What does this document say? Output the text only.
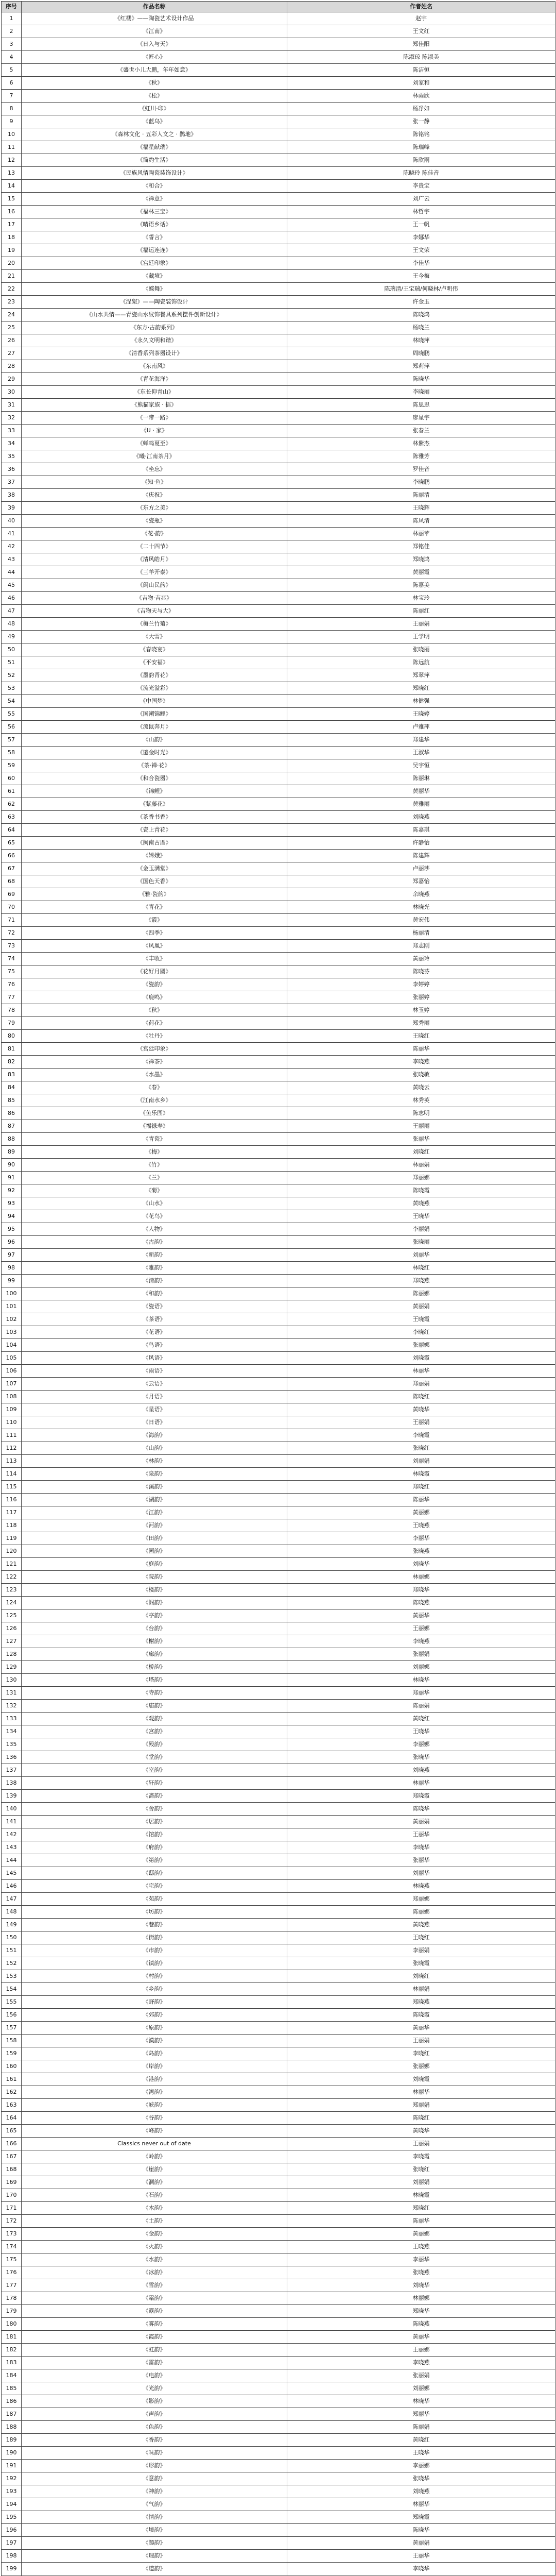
序号	作品名称	作者姓名
1	《红楼》——陶瓷艺术设计作品	赵宇
2	《江南》	王文红
3	《日入与天》	郑佳阳
4	《匠心》	陈淑琼 陈淑美
5	《盛世小儿大鹏，年年如意》	陈洁恒
6	《秋》	刘家和
7	《松》	林雨欣
8	《虹川·印》	杨净如
9	《蓝乌》	张一静
10	《森林文化 · 五彩人文之 · 鹊地》	陈铭铭
11	《福星献瑞》	陈瑞峰
12	《简约生活》	陈欣雨
13	《民族风情陶瓷装饰设计》	陈晓玲 陈佳音
14	《和合》	李贵宝
15	《禅意》	刘广云
16	《福林三宝》	林哲宇
17	《晴语乡话》	王一帆
18	《誓言》	李娜华
19	《福运连连》	王文荣
20	《宫廷印象》	李佳华
21	《藏境》	王今梅
22	《蝶舞》	陈瑞清/王宝瑞/何晓林/卢明伟
23	《涅槃》——陶瓷装饰设计	许金玉
24	《山水共情——青瓷山水纹饰餐具系列摆件创新设计》	陈晓鸿
25	《东方·古韵系列》	杨晓兰
26	《永久文明和谐》	林晓萍
27	《清香系列茶器设计》	周晓鹏
28	《东南风》	郑莉萍
29	《青花海洋》	陈晓华
30	《东长仰青山》	李晓丽
31	《熊猫家族 · 摇》	陈思思
32	《一带一路》	廖星宇
33	《U · 家》	张春兰
34	《蝉鸣夏至》	林紫杰
35	《曦·江南茶月》	陈雅芳
36	《坐忘》	罗佳音
37	《知·鱼》	李晓鹏
38	《庆祝》	陈丽清
39	《东方之美》	王晓辉
40	《瓷瓶》	陈凤清
41	《花·韵》	林丽苹
42	《二十四节》	郑铭佳
43	《清风皓月》	郑晓鸿
44	《三羊开泰》	黄丽霞
45	《闽山民韵》	陈嘉美
46	《吉物·吉兆》	林宝玲
47	《吉物天与大》	陈丽红
48	《梅兰竹菊》	王丽娟
49	《大雪》	王学明
50	《春晓宴》	张晓丽
51	《平安福》	陈远航
52	《墨韵青花》	郑翠萍
53	《流光溢彩》	郑晓红
54	《中国梦》	林健强
55	《国潮锦鲤》	王晓婷
56	《流鼠奔月》	卢雅萍
57	《山韵》	郑建华
58	《鎏金时光》	王淑华
59	《茶·禅·花》	吴宇恒
60	《和合瓷器》	陈丽琳
61	《锦鲤》	黄丽华
62	《紫藤花》	黄雅丽
63	《茶香书香》	刘晓燕
64	《瓷上青花》	陈嘉琪
65	《闽南古厝》	许静怡
66	《嫦娥》	陈建辉
67	《金玉满堂》	卢丽莎
68	《国色天香》	郑嘉怡
69	《雅·瓷韵》	余晓燕
70	《青花》	林晓光
71	《霞》	黄宏伟
72	《四季》	杨丽清
73	《凤凰》	郑志刚
74	《丰收》	黄丽玲
75	《花好月圆》	陈晓芬
76	《瓷韵》	李婷婷
77	《鹿鸣》	张丽婷
78	《秋》	林玉婷
79	《荷花》	郑秀丽
80	《牡丹》	王晓红
81	《宫廷印象》	陈丽华
82	《禅茶》	李晓燕
83	《水墨》	张晓敏
84	《春》	黄晓云
85	《江南水乡》	林秀英
86	《鱼乐图》	陈志明
87	《福禄寿》	王丽丽
88	《青瓷》	张丽华
89	《梅》	刘晓红
90	《竹》	林丽娟
91	《兰》	郑丽娜
92	《菊》	陈晓霞
93	《山水》	黄晓燕
94	《花鸟》	王晓华
95	《人物》	李丽娟
96	《古韵》	张晓丽
97	《新韵》	刘丽华
98	《雅韵》	林晓红
99	《清韵》	郑晓燕
100	《和韵》	陈丽娜
101	《瓷语》	黄丽娟
102	《茶语》	王晓霞
103	《花语》	李晓红
104	《鸟语》	张丽娜
105	《风语》	刘晓霞
106	《雨语》	林丽华
107	《云语》	郑丽娟
108	《月语》	陈晓红
109	《星语》	黄晓华
110	《日语》	王丽娟
111	《海韵》	李晓霞
112	《山韵》	张晓红
113	《林韵》	刘丽娟
114	《泉韵》	林晓霞
115	《溪韵》	郑晓红
116	《湖韵》	陈丽华
117	《江韵》	黄丽娜
118	《河韵》	王晓燕
119	《田韵》	李丽华
120	《园韵》	张晓燕
121	《庭韵》	刘晓华
122	《院韵》	林丽娜
123	《楼韵》	郑晓华
124	《阁韵》	陈晓燕
125	《亭韵》	黄丽华
126	《台韵》	王丽娜
127	《榭韵》	李晓燕
128	《廊韵》	张丽娟
129	《桥韵》	刘丽娜
130	《塔韵》	林晓华
131	《寺韵》	郑丽华
132	《庙韵》	陈丽娟
133	《观韵》	黄晓红
134	《宫韵》	王晓华
135	《殿韵》	李丽娜
136	《堂韵》	张晓华
137	《室韵》	刘晓燕
138	《轩韵》	林丽华
139	《斋韵》	郑晓霞
140	《舍韵》	陈晓华
141	《居韵》	黄丽娟
142	《馆韵》	王丽华
143	《府韵》	李晓华
144	《第韵》	张丽华
145	《邸韵》	刘丽华
146	《宅韵》	林晓燕
147	《苑韵》	郑丽娜
148	《坊韵》	陈丽娜
149	《巷韵》	黄晓燕
150	《街韵》	王晓红
151	《市韵》	李丽娟
152	《镇韵》	张晓霞
153	《村韵》	刘晓红
154	《乡韵》	林丽娟
155	《野韵》	郑晓燕
156	《郊韵》	陈晓霞
157	《原韵》	黄丽华
158	《漠韵》	王丽娟
159	《岛韵》	李晓红
160	《岸韵》	张丽娜
161	《港韵》	刘晓霞
162	《湾韵》	林丽华
163	《峡韵》	郑丽娟
164	《谷韵》	陈晓红
165	《峰韵》	黄晓华
166	Classics never out of date	王丽娟
167	《岭韵》	李晓霞
168	《崖韵》	张晓红
169	《洞韵》	刘丽娟
170	《石韵》	林晓霞
171	《木韵》	郑晓红
172	《土韵》	陈丽华
173	《金韵》	黄丽娜
174	《火韵》	王晓燕
175	《水韵》	李丽华
176	《冰韵》	张晓燕
177	《雪韵》	刘晓华
178	《霜韵》	林丽娜
179	《露韵》	郑晓华
180	《雾韵》	陈晓燕
181	《霞韵》	黄丽华
182	《虹韵》	王丽娜
183	《雷韵》	李晓燕
184	《电韵》	张丽娟
185	《光韵》	刘丽娜
186	《影韵》	林晓华
187	《声韵》	郑丽华
188	《色韵》	陈丽娟
189	《香韵》	黄晓红
190	《味韵》	王晓华
191	《形韵》	李丽娜
192	《意韵》	张晓华
193	《神韵》	刘晓燕
194	《气韵》	林丽华
195	《情韵》	郑晓霞
196	《境韵》	陈晓华
197	《趣韵》	黄丽娟
198	《理韵》	王丽华
199	《道韵》	李晓华
